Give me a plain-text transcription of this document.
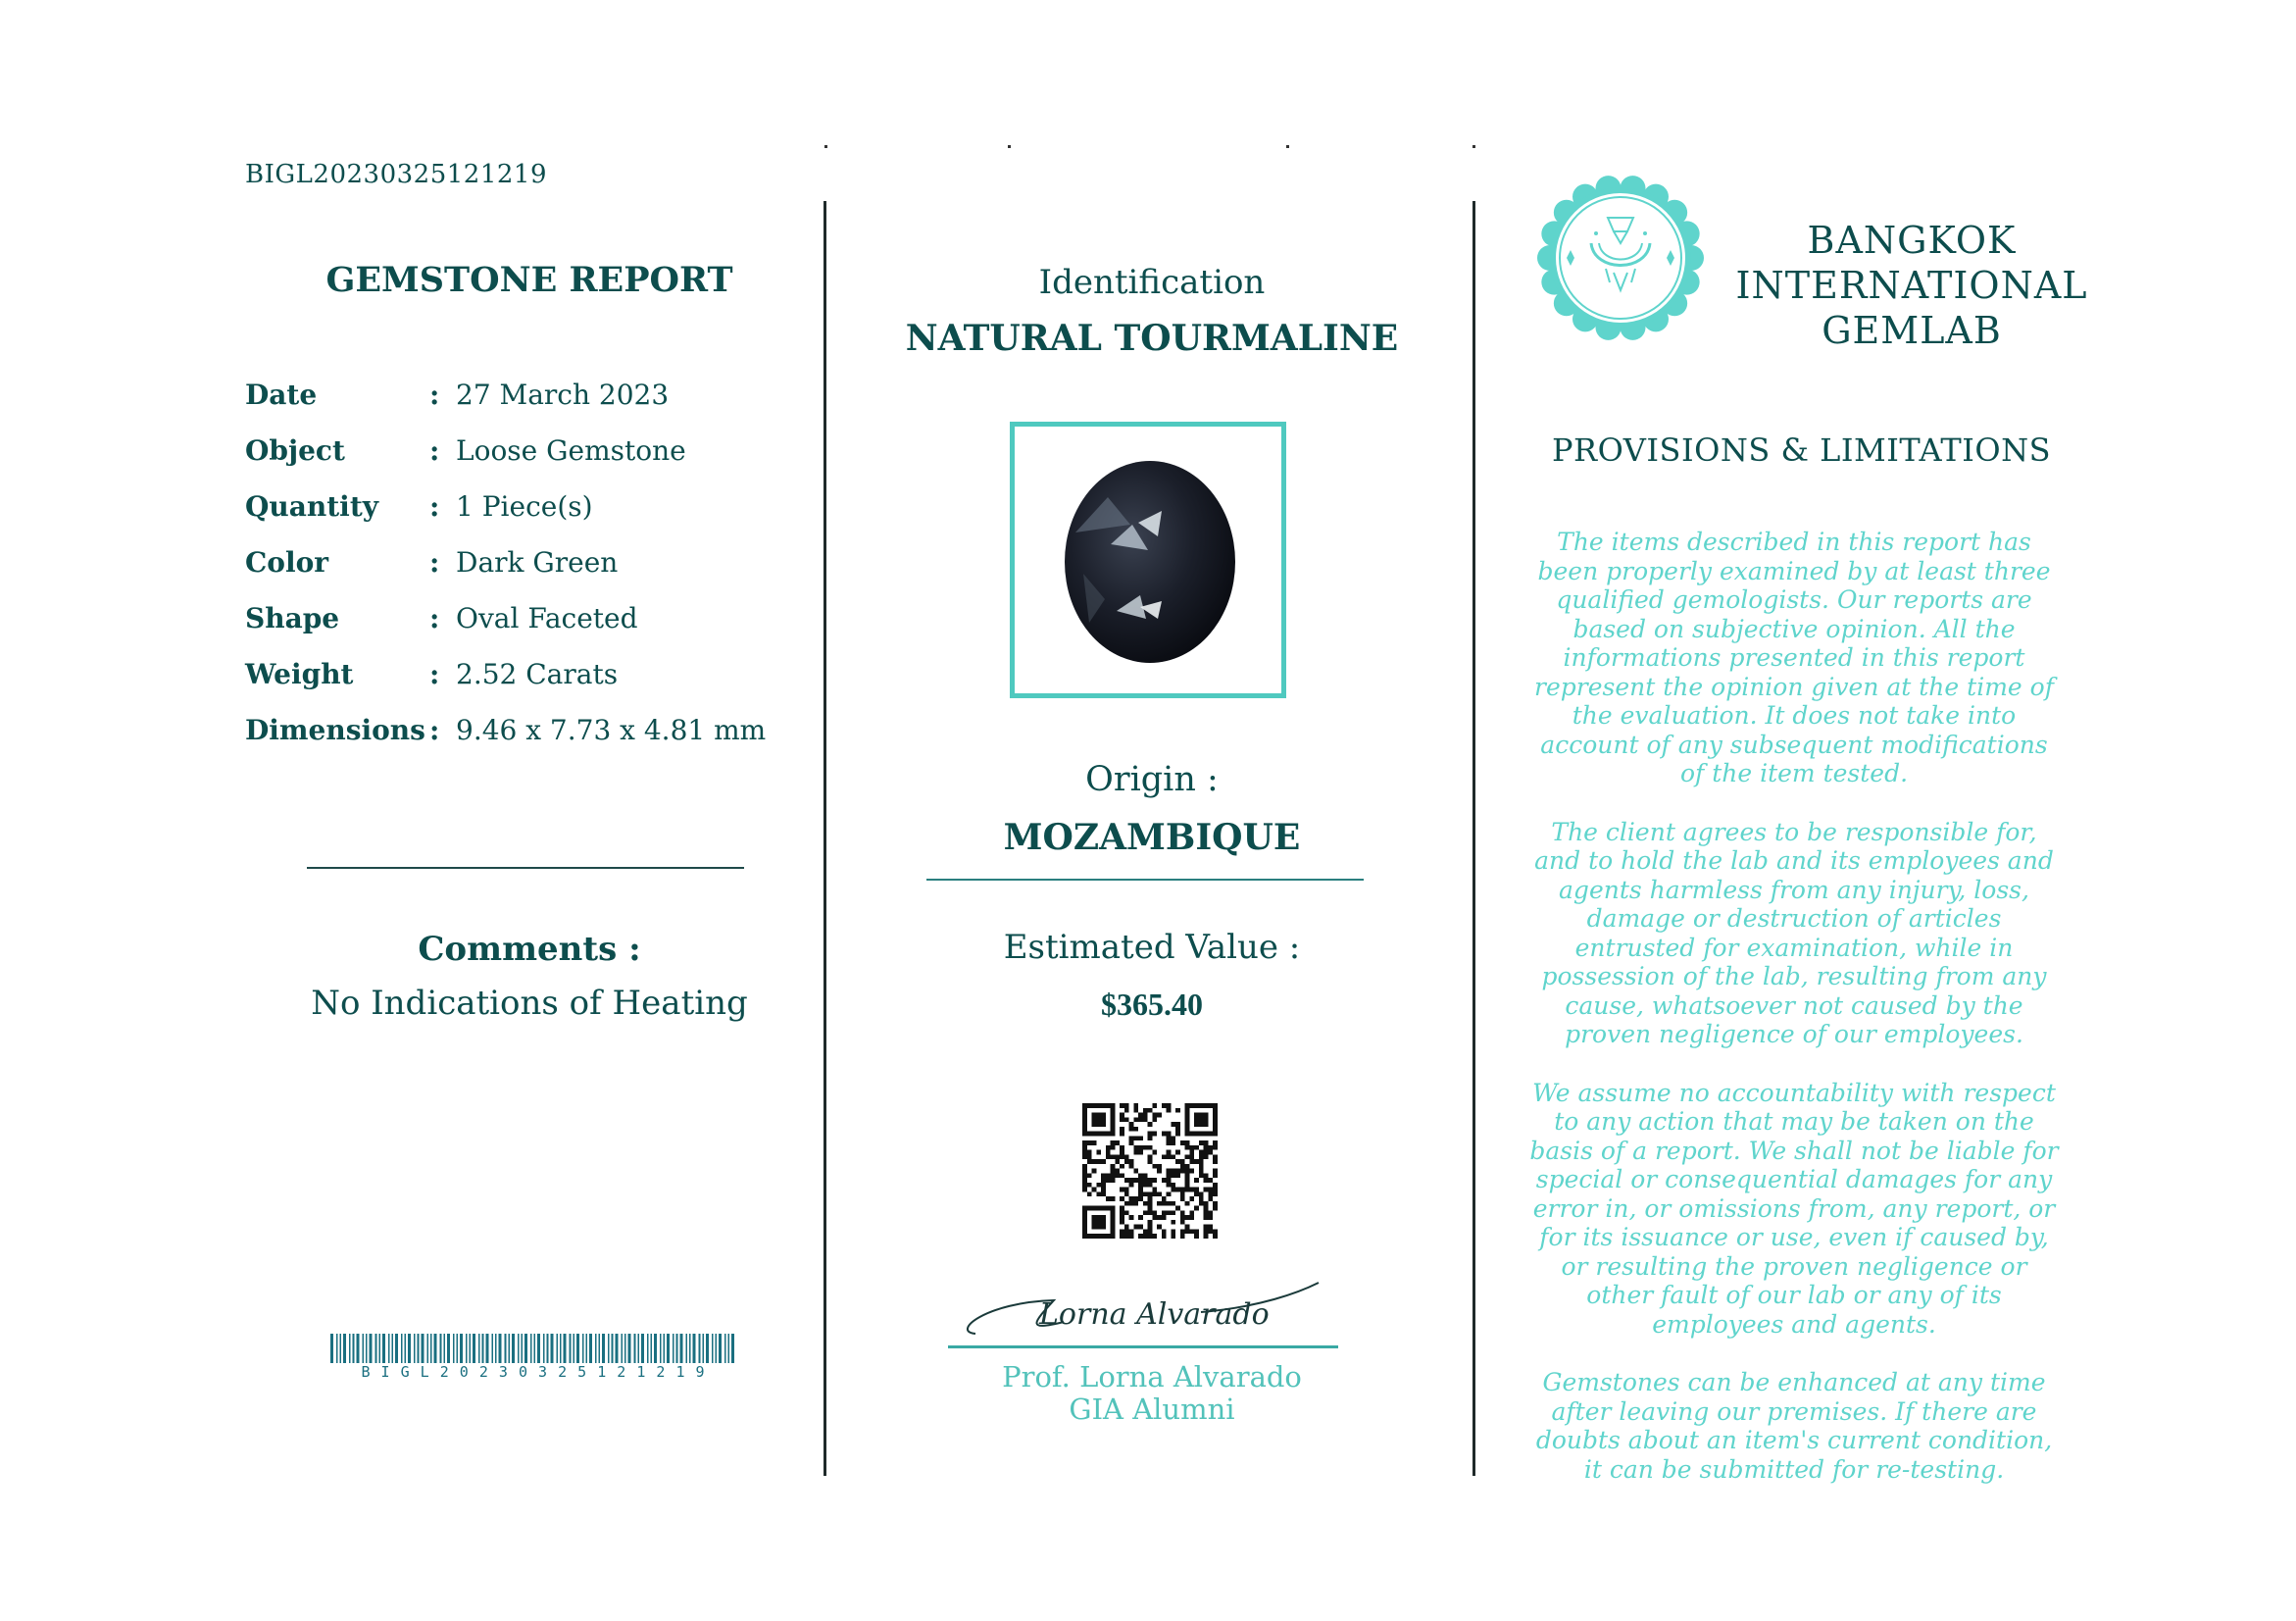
BIGL20230325121219
GEMSTONE REPORT
Date	: 27 March 2023
Object	: Loose Gemstone
Quantity	: 1 Piece(s)
Color	: Dark Green
Shape	: Oval Faceted
Weight	: 2.52 Carats
Dimensions : 9.46 x 7.73 x 4.81 mm
Comments :
No Indications of Heating
B I G L 2 0 2 3 0 3 2 5 1 2 1 2 1 9
Identification
NATURAL TOURMALINE
Origin :
MOZAMBIQUE
Estimated Value :
$365.40
Lorna Alvarado
Prof. Lorna Alvarado
GIA Alumni
BANGKOK
INTERNATIONAL
GEMLAB
PROVISIONS & LIMITATIONS

The items described in this report has been properly examined by at least three qualified gemologists. Our reports are based on subjective opinion. All the informations presented in this report represent the opinion given at the time of the evaluation. It does not take into account of any subsequent modifications of the item tested.

The client agrees to be responsible for, and to hold the lab and its employees and agents harmless from any injury, loss, damage or destruction of articles entrusted for examination, while in possession of the lab, resulting from any cause, whatsoever not caused by the proven negligence of our employees.

We assume no accountability with respect to any action that may be taken on the basis of a report. We shall not be liable for special or consequential damages for any error in, or omissions from, any report, or for its issuance or use, even if caused by, or resulting the proven negligence or other fault of our lab or any of its employees and agents.

Gemstones can be enhanced at any time after leaving our premises. If there are doubts about an item's current condition, it can be submitted for re-testing.
